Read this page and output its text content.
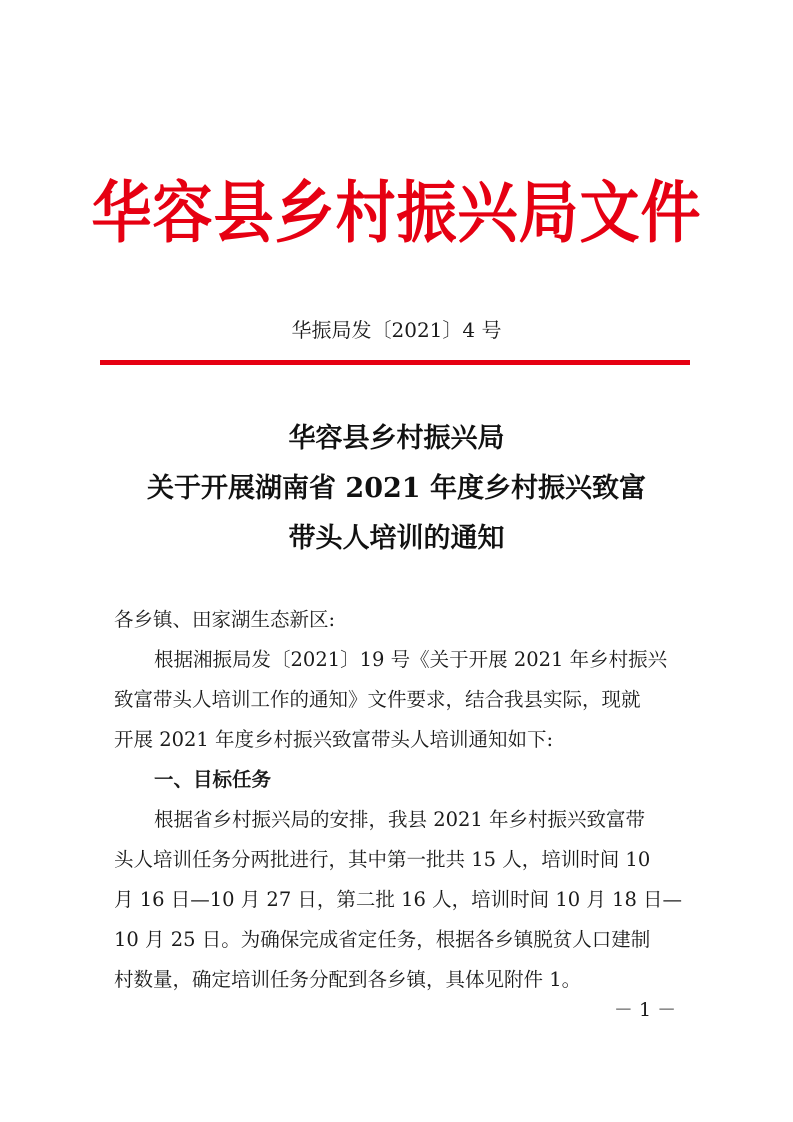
华容县乡村振兴局文件
华振局发〔2021〕4 号
华容县乡村振兴局
关于开展湖南省 2021 年度乡村振兴致富
带头人培训的通知
各乡镇、田家湖生态新区:
根据湘振局发〔2021〕19 号《关于开展 2021 年乡村振兴
致富带头人培训工作的通知》文件要求，结合我县实际，现就
开展 2021 年度乡村振兴致富带头人培训通知如下:
一、目标任务
根据省乡村振兴局的安排，我县 2021 年乡村振兴致富带
头人培训任务分两批进行，其中第一批共 15 人，培训时间 10
月 16 日—10 月 27 日，第二批 16 人，培训时间 10 月 18 日—
10 月 25 日。为确保完成省定任务，根据各乡镇脱贫人口建制
村数量，确定培训任务分配到各乡镇，具体见附件 1。
－ 1 －
